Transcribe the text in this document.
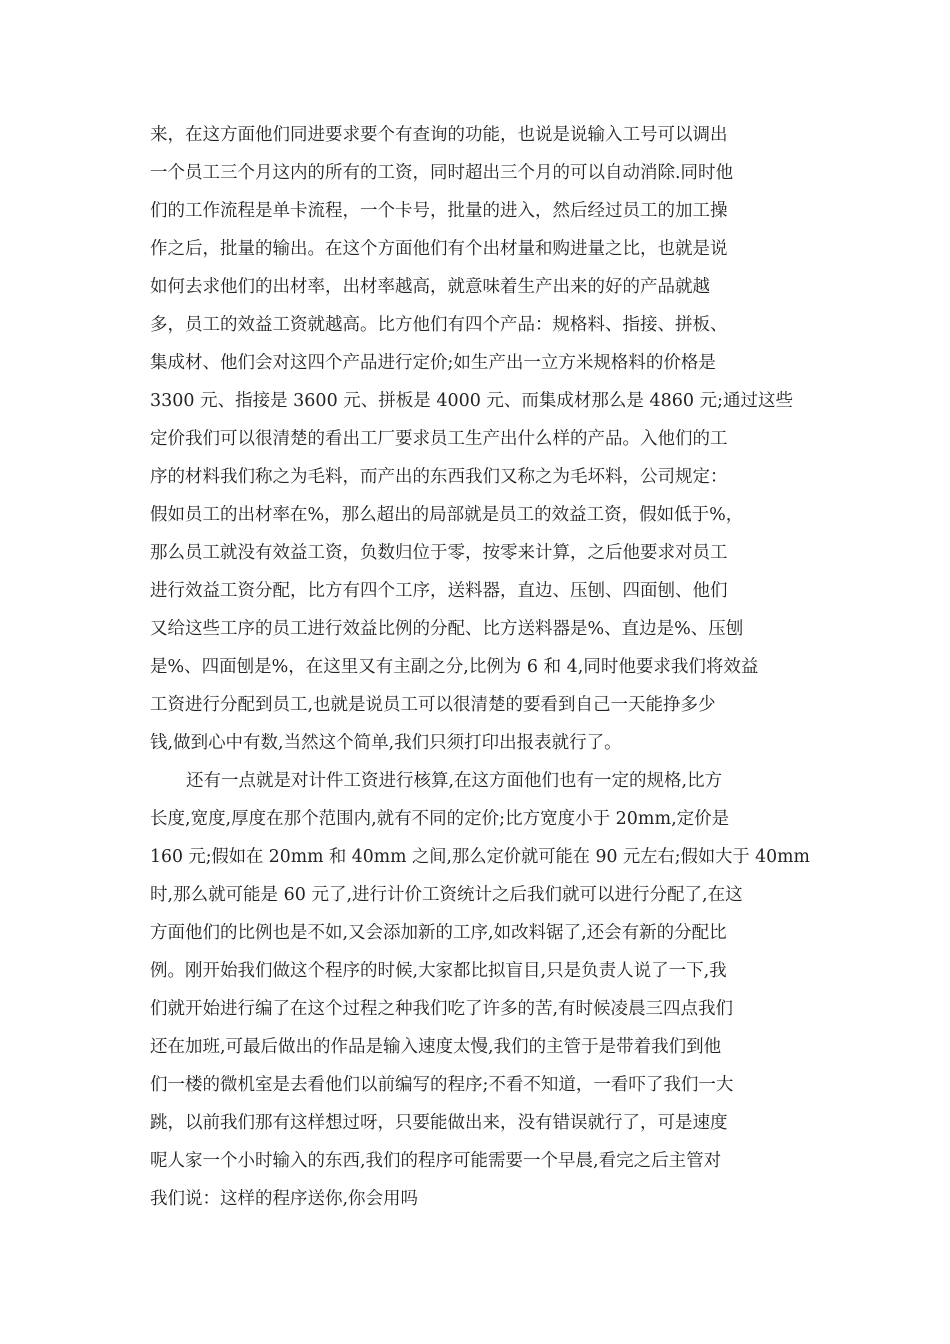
来，在这方面他们同进要求要个有查询的功能，也说是说输入工号可以调出
一个员工三个月这内的所有的工资，同时超出三个月的可以自动消除.同时他
们的工作流程是单卡流程，一个卡号，批量的进入，然后经过员工的加工操
作之后，批量的输出。在这个方面他们有个出材量和购进量之比，也就是说
如何去求他们的出材率，出材率越高，就意味着生产出来的好的产品就越
多，员工的效益工资就越高。比方他们有四个产品：规格料、指接、拼板、
集成材、他们会对这四个产品进行定价;如生产出一立方米规格料的价格是
3300 元、指接是 3600 元、拼板是 4000 元、而集成材那么是 4860 元;通过这些
定价我们可以很清楚的看出工厂要求员工生产出什么样的产品。入他们的工
序的材料我们称之为毛料，而产出的东西我们又称之为毛坏料，公司规定：
假如员工的出材率在%，那么超出的局部就是员工的效益工资，假如低于%，
那么员工就没有效益工资，负数归位于零，按零来计算，之后他要求对员工
进行效益工资分配，比方有四个工序，送料器，直边、压刨、四面刨、他们
又给这些工序的员工进行效益比例的分配、比方送料器是%、直边是%、压刨
是%、四面刨是%，在这里又有主副之分,比例为 6 和 4,同时他要求我们将效益
工资进行分配到员工,也就是说员工可以很清楚的要看到自己一天能挣多少
钱,做到心中有数,当然这个简单,我们只须打印出报表就行了。
还有一点就是对计件工资进行核算,在这方面他们也有一定的规格,比方
长度,宽度,厚度在那个范围内,就有不同的定价;比方宽度小于 20mm,定价是
160 元;假如在 20mm 和 40mm 之间,那么定价就可能在 90 元左右;假如大于 40mm
时,那么就可能是 60 元了,进行计价工资统计之后我们就可以进行分配了,在这
方面他们的比例也是不如,又会添加新的工序,如改料锯了,还会有新的分配比
例。刚开始我们做这个程序的时候,大家都比拟盲目,只是负责人说了一下,我
们就开始进行编了在这个过程之种我们吃了许多的苦,有时候凌晨三四点我们
还在加班,可最后做出的作品是输入速度太慢,我们的主管于是带着我们到他
们一楼的微机室是去看他们以前编写的程序;不看不知道，一看吓了我们一大
跳，以前我们那有这样想过呀，只要能做出来，没有错误就行了，可是速度
呢人家一个小时输入的东西,我们的程序可能需要一个早晨,看完之后主管对
我们说：这样的程序送你,你会用吗
